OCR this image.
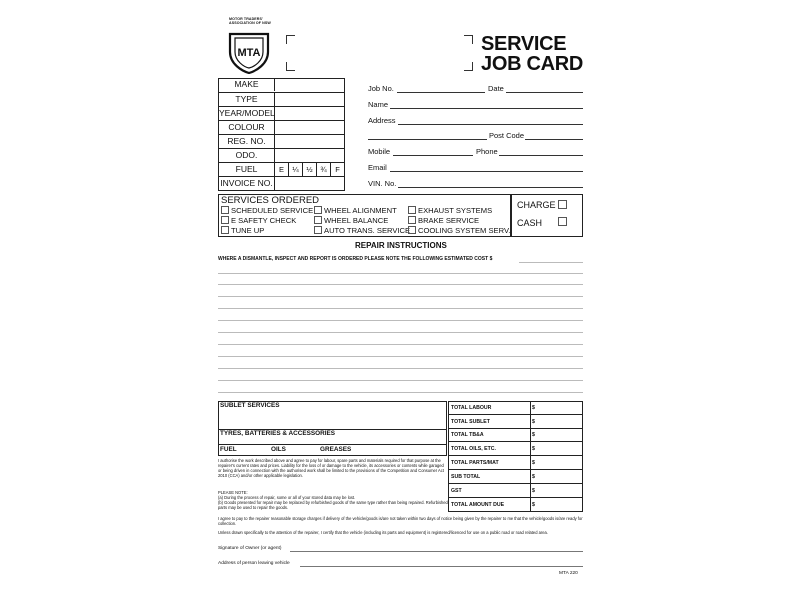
MOTOR TRADERS' ASSOCIATION OF NSW
MTA	SERVICE
JOB CARD
MAKE
TYPE
YEAR/MODEL
COLOUR
REG. NO.
ODO.
FUEL	E	¼	½	¾	F
INVOICE NO.
Job No.	Date
Name
Address
Post Code
Mobile	Phone
Email
VIN. No.
SERVICES ORDERED
SCHEDULED SERVICE
E SAFETY CHECK
TUNE UP
WHEEL ALIGNMENT
WHEEL BALANCE
AUTO TRANS. SERVICE
EXHAUST SYSTEMS
BRAKE SERVICE
COOLING SYSTEM SERV.
CHARGE
CASH
REPAIR INSTRUCTIONS
WHERE A DISMANTLE, INSPECT AND REPORT IS ORDERED PLEASE NOTE THE FOLLOWING ESTIMATED COST $
SUBLET SERVICES
TYRES, BATTERIES & ACCESSORIES
FUEL	OILS	GREASES
TOTAL LABOUR	$
TOTAL SUBLET	$
TOTAL TB&A	$
TOTAL OILS, ETC.	$
TOTAL PARTS/MAT	$
SUB TOTAL	$
GST	$
TOTAL AMOUNT DUE	$
I authorise the work described above and agree to pay for labour, spare parts and materials required for that purpose at the repairer's current rates and prices. Liability for the loss of or damage to the vehicle, its accessories or contents while garaged or being driven in connection with the authorised work shall be limited to the provisions of the Competition and Consumer Act 2010 (CCA) and/or other applicable legislation.
PLEASE NOTE:
(a) During the process of repair, some or all of your stored data may be lost.
(b) Goods presented for repair may be replaced by refurbished goods of the same type rather than being repaired. Refurbished parts may be used to repair the goods.
I agree to pay to the repairer reasonable storage charges if delivery of the vehicle/goods is/are not taken within two days of notice being given by the repairer to me that the vehicle/goods is/are ready for collection.
Unless drawn specifically to the attention of the repairer, I certify that the vehicle (including its parts and equipment) is registered/licenced for use on a public road or road related area.
Signature of Owner (or agent)
Address of person leaving vehicle
MTA 220
